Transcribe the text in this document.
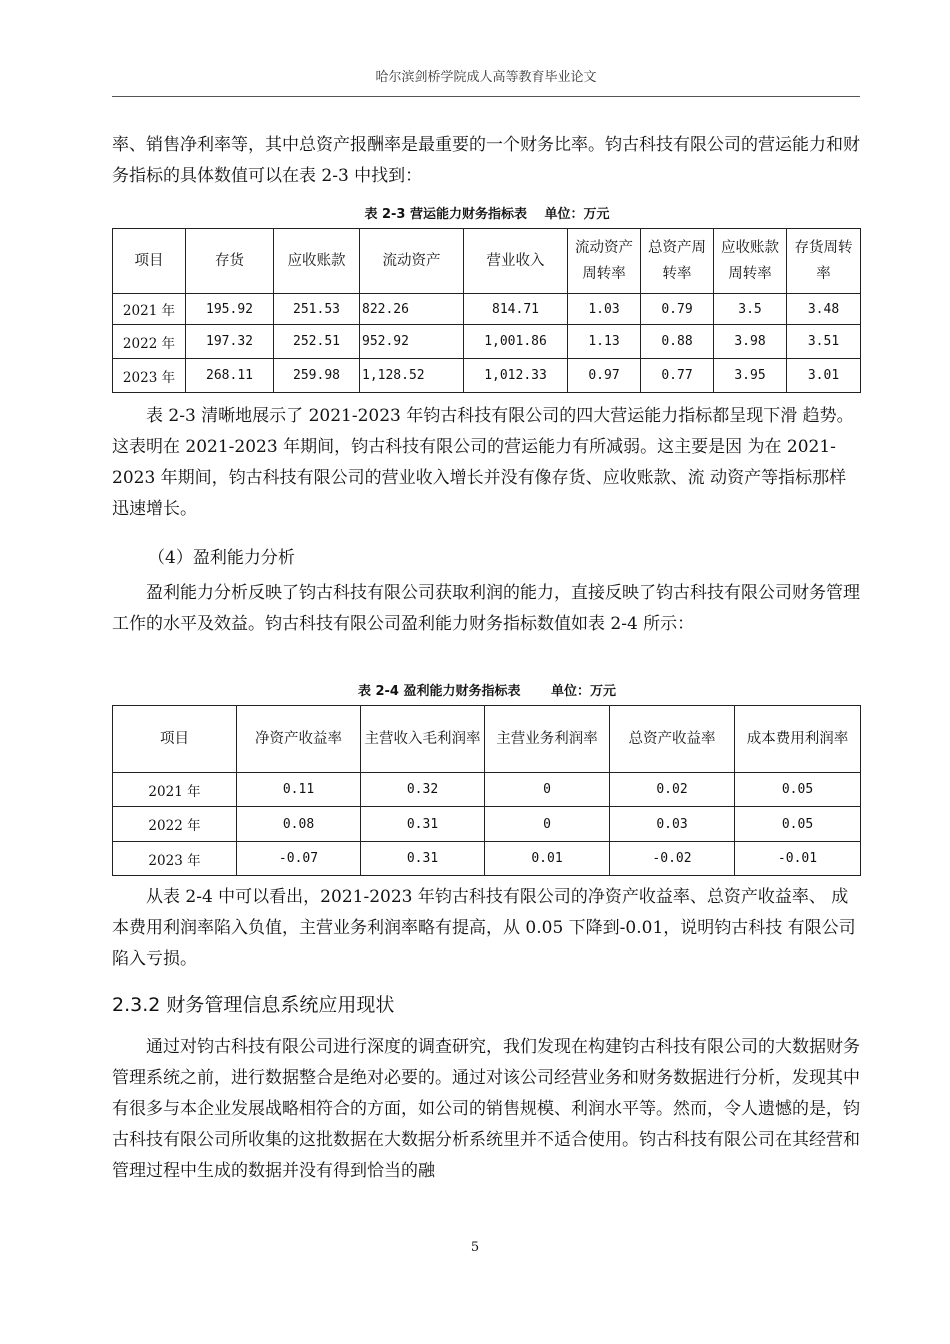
哈尔滨剑桥学院成人高等教育毕业论文

率、销售净利率等，其中总资产报酬率是最重要的一个财务比率。钧古科技有限公司的营运能力和财务指标的具体数值可以在表 2-3 中找到：

表 2-3 营运能力财务指标表　 单位：万元
项目	存货	应收账款	流动资产	营业收入	流动资产周转率	总资产周转率	应收账款周转率	存货周转率
2021 年	195.92	251.53	822.26	814.71	1.03	0.79	3.5	3.48
2022 年	197.32	252.51	952.92	1,001.86	1.13	0.88	3.98	3.51
2023 年	268.11	259.98	1,128.52	1,012.33	0.97	0.77	3.95	3.01

表 2-3 清晰地展示了 2021-2023 年钧古科技有限公司的四大营运能力指标都呈现下滑 趋势。这表明在 2021-2023 年期间，钧古科技有限公司的营运能力有所减弱。这主要是因 为在 2021-2023 年期间，钧古科技有限公司的营业收入增长并没有像存货、应收账款、流 动资产等指标那样迅速增长。

（4）盈利能力分析

盈利能力分析反映了钧古科技有限公司获取利润的能力，直接反映了钧古科技有限公司财务管理工作的水平及效益。钧古科技有限公司盈利能力财务指标数值如表 2-4 所示：

表 2-4 盈利能力财务指标表　　 单位：万元
项目	净资产收益率	主营收入毛利润率	主营业务利润率	总资产收益率	成本费用利润率
2021 年	0.11	0.32	0	0.02	0.05
2022 年	0.08	0.31	0	0.03	0.05
2023 年	-0.07	0.31	0.01	-0.02	-0.01

从表 2-4 中可以看出，2021-2023 年钧古科技有限公司的净资产收益率、总资产收益率、 成本费用利润率陷入负值，主营业务利润率略有提高，从 0.05 下降到-0.01，说明钧古科技 有限公司陷入亏损。

2.3.2 财务管理信息系统应用现状

通过对钧古科技有限公司进行深度的调查研究，我们发现在构建钧古科技有限公司的大数据财务管理系统之前，进行数据整合是绝对必要的。通过对该公司经营业务和财务数据进行分析，发现其中有很多与本企业发展战略相符合的方面，如公司的销售规模、利润水平等。然而，令人遗憾的是，钧古科技有限公司所收集的这批数据在大数据分析系统里并不适合使用。钧古科技有限公司在其经营和管理过程中生成的数据并没有得到恰当的融

5
